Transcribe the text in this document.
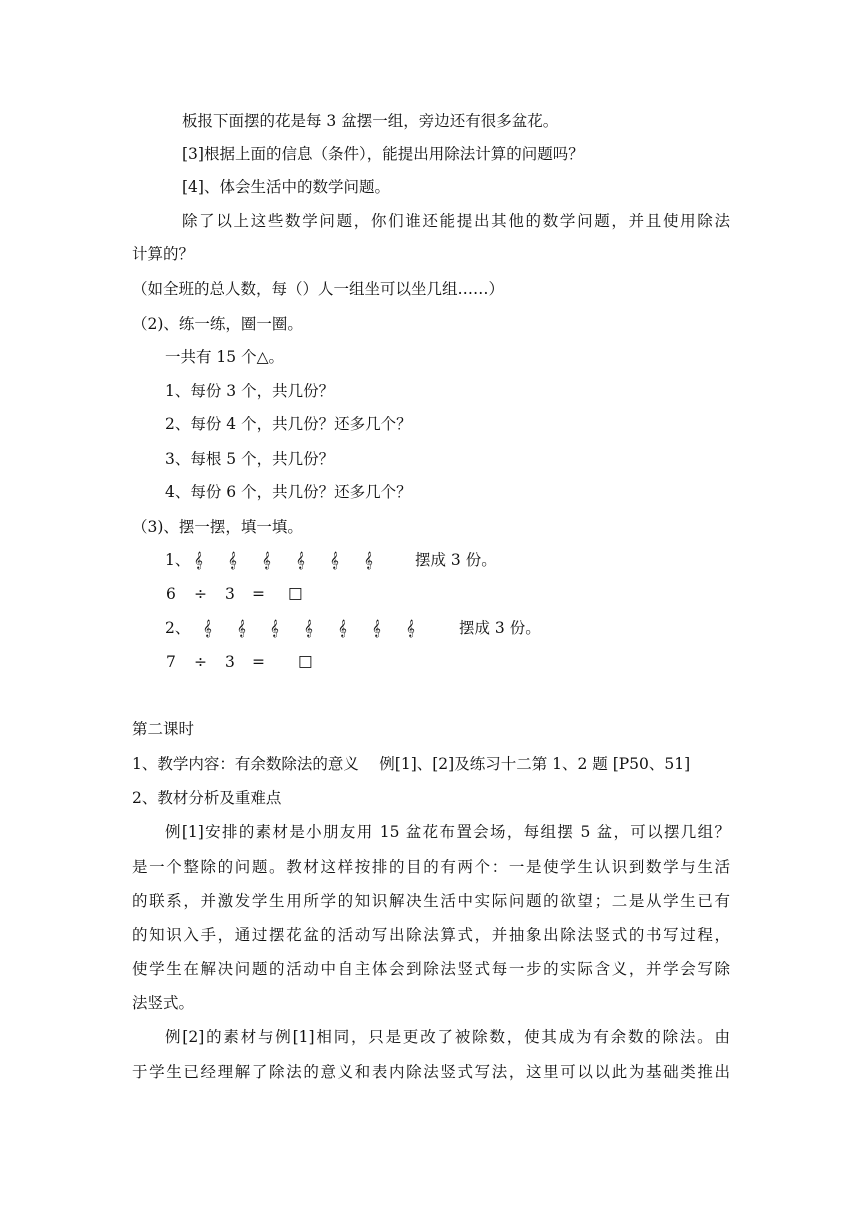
板报下面摆的花是每 3 盆摆一组，旁边还有很多盆花。
[3]根据上面的信息（条件），能提出用除法计算的问题吗？
[4]、体会生活中的数学问题。
除了以上这些数学问题，你们谁还能提出其他的数学问题，并且使用除法
计算的？
（如全班的总人数，每（）人一组坐可以坐几组……）
（2)、练一练，圈一圈。
一共有 15 个△。
1、每份 3 个，共几份？
2、每份 4 个，共几份？还多几个？
3、每根 5 个，共几份？
4、每份 6 个，共几份？还多几个？
（3)、摆一摆，填一填。
1、 𝄞 𝄞 𝄞 𝄞 𝄞 𝄞	摆成 3 份。
6 ÷ 3 = □
2、 𝄞 𝄞 𝄞 𝄞 𝄞 𝄞 𝄞	摆成 3 份。
7 ÷ 3 = □
第二课时
1、教学内容：有余数除法的意义　 例[1]、[2]及练习十二第 1、2 题 [P50、51]
2、教材分析及重难点
例[1]安排的素材是小朋友用 15 盆花布置会场，每组摆 5 盆，可以摆几组？
是一个整除的问题。教材这样按排的目的有两个：一是使学生认识到数学与生活
的联系，并激发学生用所学的知识解决生活中实际问题的欲望；二是从学生已有
的知识入手，通过摆花盆的活动写出除法算式，并抽象出除法竖式的书写过程，
使学生在解决问题的活动中自主体会到除法竖式每一步的实际含义，并学会写除
法竖式。
例[2]的素材与例[1]相同，只是更改了被除数，使其成为有余数的除法。由
于学生已经理解了除法的意义和表内除法竖式写法，这里可以以此为基础类推出
